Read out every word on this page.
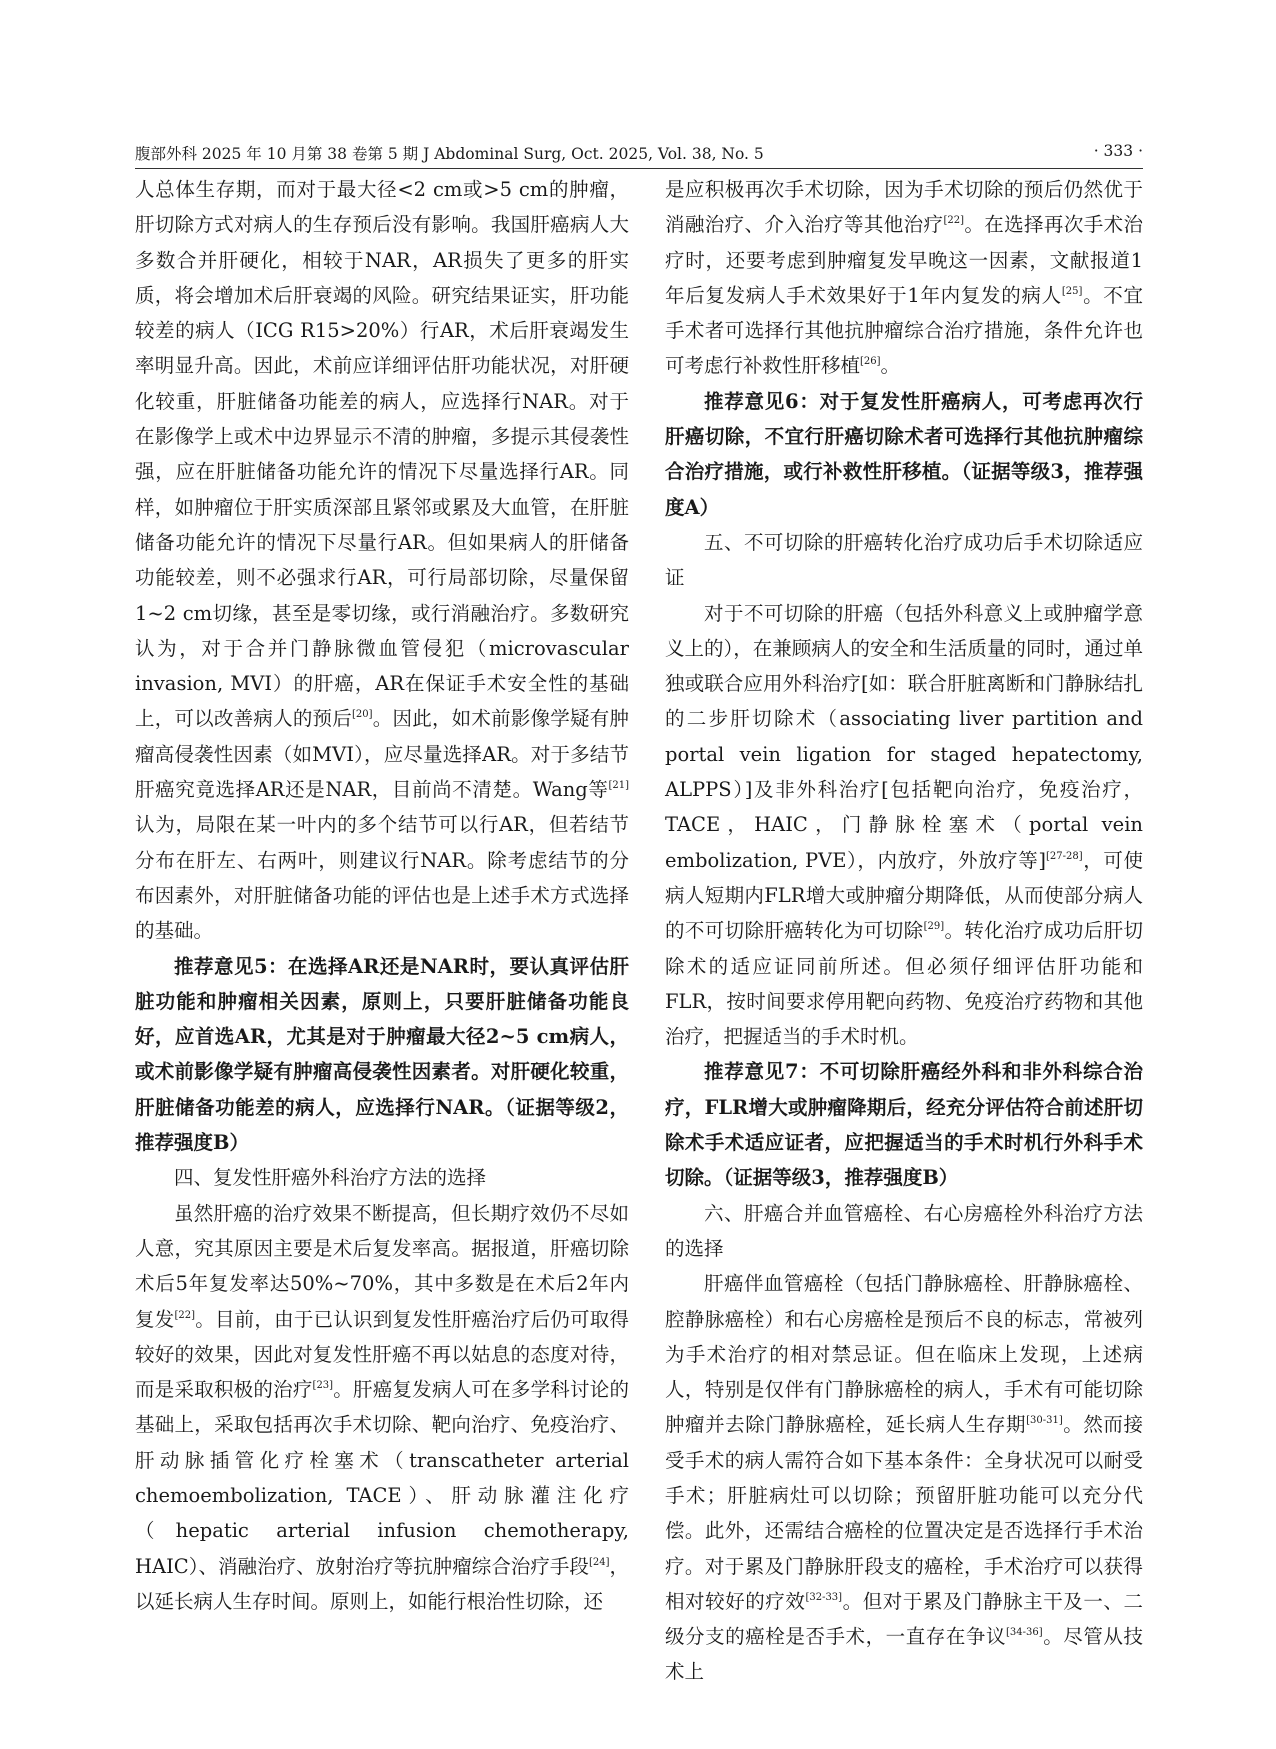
腹部外科 2025 年 10 月第 38 卷第 5 期 J Abdominal Surg, Oct. 2025, Vol. 38, No. 5	· 333 ·

人总体生存期，而对于最大径<2 cm或>5 cm的肿瘤，肝切除方式对病人的生存预后没有影响。我国肝癌病人大多数合并肝硬化，相较于NAR，AR损失了更多的肝实质，将会增加术后肝衰竭的风险。研究结果证实，肝功能较差的病人（ICG R15>20%）行AR，术后肝衰竭发生率明显升高。因此，术前应详细评估肝功能状况，对肝硬化较重，肝脏储备功能差的病人，应选择行NAR。对于在影像学上或术中边界显示不清的肿瘤，多提示其侵袭性强，应在肝脏储备功能允许的情况下尽量选择行AR。同样，如肿瘤位于肝实质深部且紧邻或累及大血管，在肝脏储备功能允许的情况下尽量行AR。但如果病人的肝储备功能较差，则不必强求行AR，可行局部切除，尽量保留1~2 cm切缘，甚至是零切缘，或行消融治疗。多数研究认为，对于合并门静脉微血管侵犯（microvascular invasion, MVI）的肝癌，AR在保证手术安全性的基础上，可以改善病人的预后[20]。因此，如术前影像学疑有肿瘤高侵袭性因素（如MVI），应尽量选择AR。对于多结节肝癌究竟选择AR还是NAR，目前尚不清楚。Wang等[21]认为，局限在某一叶内的多个结节可以行AR，但若结节分布在肝左、右两叶，则建议行NAR。除考虑结节的分布因素外，对肝脏储备功能的评估也是上述手术方式选择的基础。

推荐意见5：在选择AR还是NAR时，要认真评估肝脏功能和肿瘤相关因素，原则上，只要肝脏储备功能良好，应首选AR，尤其是对于肿瘤最大径2~5 cm病人，或术前影像学疑有肿瘤高侵袭性因素者。对肝硬化较重，肝脏储备功能差的病人，应选择行NAR。（证据等级2，推荐强度B）

四、复发性肝癌外科治疗方法的选择

虽然肝癌的治疗效果不断提高，但长期疗效仍不尽如人意，究其原因主要是术后复发率高。据报道，肝癌切除术后5年复发率达50%~70%，其中多数是在术后2年内复发[22]。目前，由于已认识到复发性肝癌治疗后仍可取得较好的效果，因此对复发性肝癌不再以姑息的态度对待，而是采取积极的治疗[23]。肝癌复发病人可在多学科讨论的基础上，采取包括再次手术切除、靶向治疗、免疫治疗、肝动脉插管化疗栓塞术（transcatheter arterial chemoembolization, TACE）、肝动脉灌注化疗（hepatic arterial infusion chemotherapy, HAIC）、消融治疗、放射治疗等抗肿瘤综合治疗手段[24]，以延长病人生存时间。原则上，如能行根治性切除，还

是应积极再次手术切除，因为手术切除的预后仍然优于消融治疗、介入治疗等其他治疗[22]。在选择再次手术治疗时，还要考虑到肿瘤复发早晚这一因素，文献报道1年后复发病人手术效果好于1年内复发的病人[25]。不宜手术者可选择行其他抗肿瘤综合治疗措施，条件允许也可考虑行补救性肝移植[26]。

推荐意见6：对于复发性肝癌病人，可考虑再次行肝癌切除，不宜行肝癌切除术者可选择行其他抗肿瘤综合治疗措施，或行补救性肝移植。（证据等级3，推荐强度A）

五、不可切除的肝癌转化治疗成功后手术切除适应证

对于不可切除的肝癌（包括外科意义上或肿瘤学意义上的），在兼顾病人的安全和生活质量的同时，通过单独或联合应用外科治疗[如：联合肝脏离断和门静脉结扎的二步肝切除术（associating liver partition and portal vein ligation for staged hepatectomy, ALPPS）]及非外科治疗[包括靶向治疗，免疫治疗，TACE，HAIC，门静脉栓塞术（portal vein embolization, PVE），内放疗，外放疗等][27-28]，可使病人短期内FLR增大或肿瘤分期降低，从而使部分病人的不可切除肝癌转化为可切除[29]。转化治疗成功后肝切除术的适应证同前所述。但必须仔细评估肝功能和FLR，按时间要求停用靶向药物、免疫治疗药物和其他治疗，把握适当的手术时机。

推荐意见7：不可切除肝癌经外科和非外科综合治疗，FLR增大或肿瘤降期后，经充分评估符合前述肝切除术手术适应证者，应把握适当的手术时机行外科手术切除。（证据等级3，推荐强度B）

六、肝癌合并血管癌栓、右心房癌栓外科治疗方法的选择

肝癌伴血管癌栓（包括门静脉癌栓、肝静脉癌栓、腔静脉癌栓）和右心房癌栓是预后不良的标志，常被列为手术治疗的相对禁忌证。但在临床上发现，上述病人，特别是仅伴有门静脉癌栓的病人，手术有可能切除肿瘤并去除门静脉癌栓，延长病人生存期[30-31]。然而接受手术的病人需符合如下基本条件：全身状况可以耐受手术；肝脏病灶可以切除；预留肝脏功能可以充分代偿。此外，还需结合癌栓的位置决定是否选择行手术治疗。对于累及门静脉肝段支的癌栓，手术治疗可以获得相对较好的疗效[32-33]。但对于累及门静脉主干及一、二级分支的癌栓是否手术，一直存在争议[34-36]。尽管从技术上
